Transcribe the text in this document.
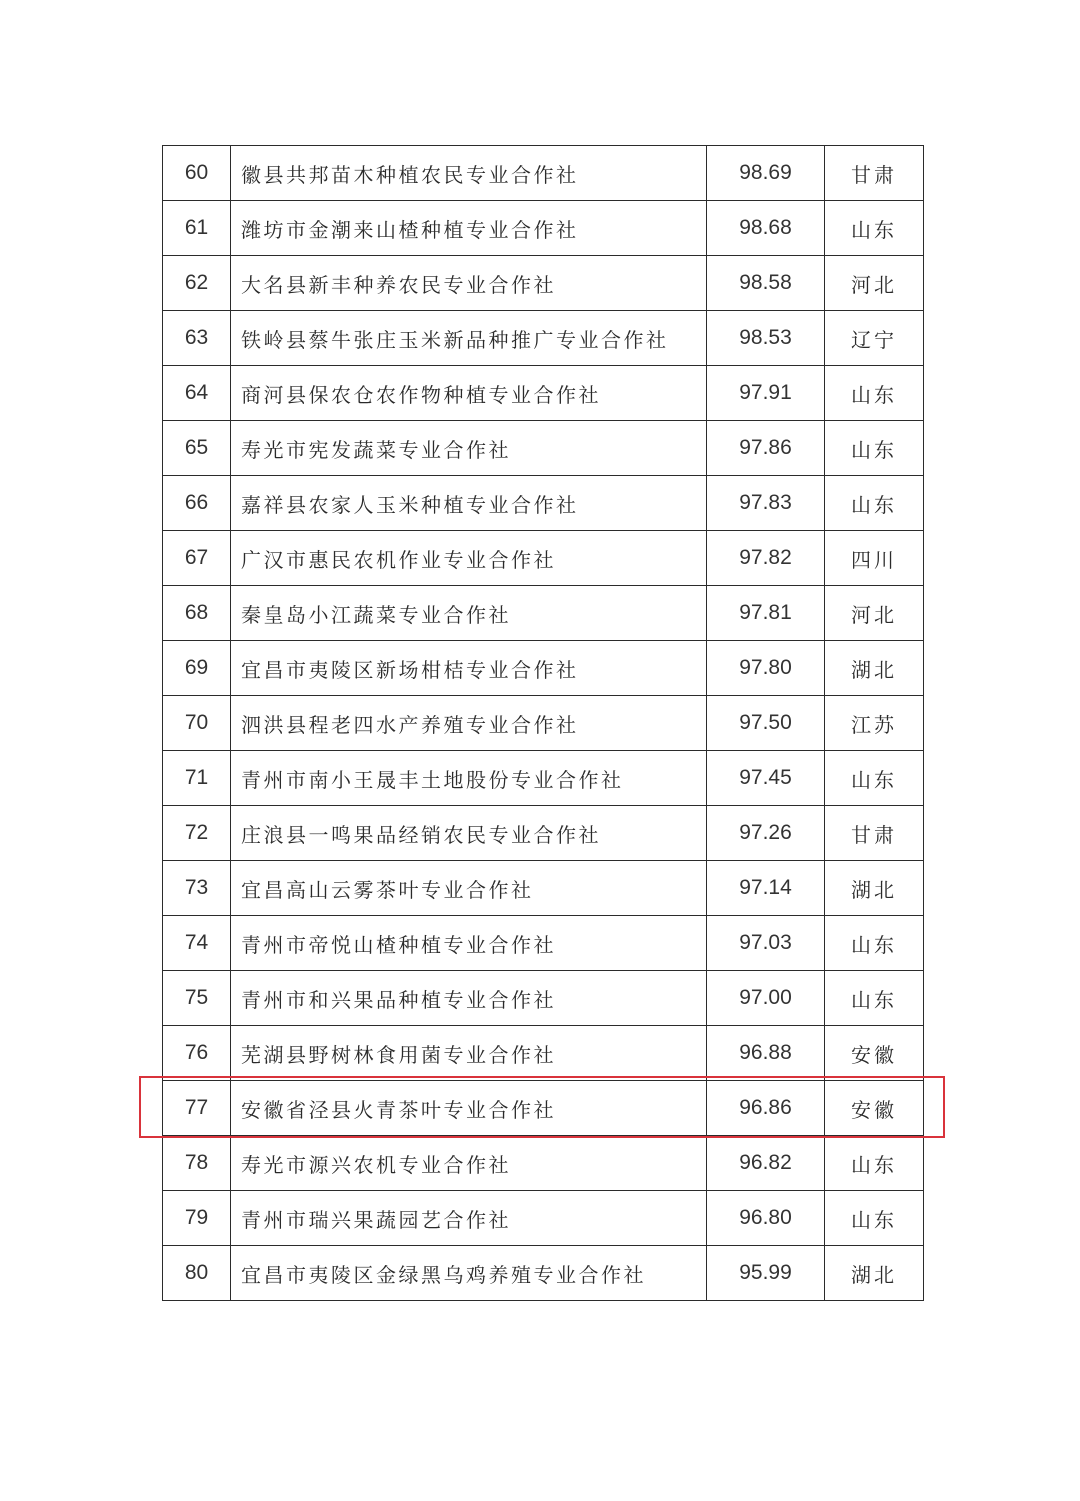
60	徽县共邦苗木种植农民专业合作社	98.69	甘肃
61	潍坊市金潮来山楂种植专业合作社	98.68	山东
62	大名县新丰种养农民专业合作社	98.58	河北
63	铁岭县蔡牛张庄玉米新品种推广专业合作社	98.53	辽宁
64	商河县保农仓农作物种植专业合作社	97.91	山东
65	寿光市宪发蔬菜专业合作社	97.86	山东
66	嘉祥县农家人玉米种植专业合作社	97.83	山东
67	广汉市惠民农机作业专业合作社	97.82	四川
68	秦皇岛小江蔬菜专业合作社	97.81	河北
69	宜昌市夷陵区新场柑桔专业合作社	97.80	湖北
70	泗洪县程老四水产养殖专业合作社	97.50	江苏
71	青州市南小王晟丰土地股份专业合作社	97.45	山东
72	庄浪县一鸣果品经销农民专业合作社	97.26	甘肃
73	宜昌高山云雾茶叶专业合作社	97.14	湖北
74	青州市帝悦山楂种植专业合作社	97.03	山东
75	青州市和兴果品种植专业合作社	97.00	山东
76	芜湖县野树林食用菌专业合作社	96.88	安徽
77	安徽省泾县火青茶叶专业合作社	96.86	安徽
78	寿光市源兴农机专业合作社	96.82	山东
79	青州市瑞兴果蔬园艺合作社	96.80	山东
80	宜昌市夷陵区金绿黑乌鸡养殖专业合作社	95.99	湖北
